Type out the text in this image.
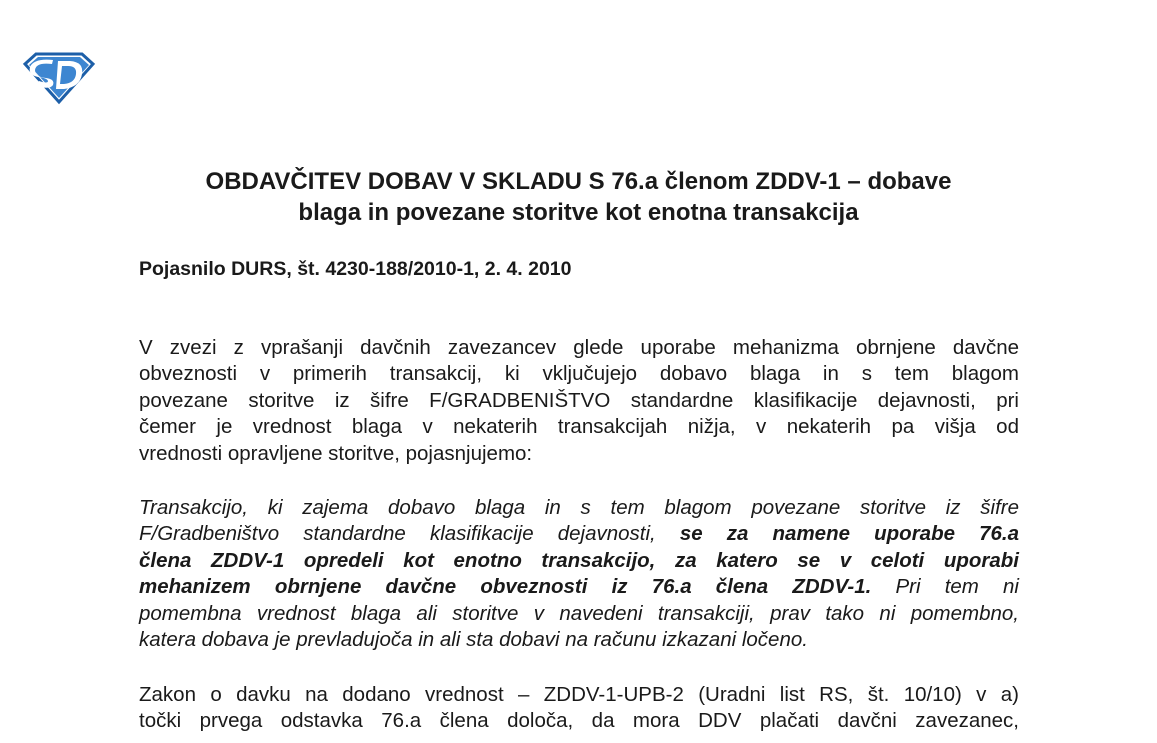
OBDAVČITEV DOBAV V SKLADU S 76.a členom ZDDV-1 – dobave
blaga in povezane storitve kot enotna transakcija

Pojasnilo DURS, št. 4230-188/2010-1, 2. 4. 2010

V zvezi z vprašanji davčnih zavezancev glede uporabe mehanizma obrnjene davčne
obveznosti v primerih transakcij, ki vključujejo dobavo blaga in s tem blagom
povezane storitve iz šifre F/GRADBENIŠTVO standardne klasifikacije dejavnosti, pri
čemer je vrednost blaga v nekaterih transakcijah nižja, v nekaterih pa višja od
vrednosti opravljene storitve, pojasnjujemo:

Transakcijo, ki zajema dobavo blaga in s tem blagom povezane storitve iz šifre
F/Gradbeništvo standardne klasifikacije dejavnosti, se za namene uporabe 76.a
člena ZDDV-1 opredeli kot enotno transakcijo, za katero se v celoti uporabi
mehanizem obrnjene davčne obveznosti iz 76.a člena ZDDV-1. Pri tem ni
pomembna vrednost blaga ali storitve v navedeni transakciji, prav tako ni pomembno,
katera dobava je prevladujoča in ali sta dobavi na računu izkazani ločeno.

Zakon o davku na dodano vrednost – ZDDV-1-UPB-2 (Uradni list RS, št. 10/10) v a)
točki prvega odstavka 76.a člena določa, da mora DDV plačati davčni zavezanec,
